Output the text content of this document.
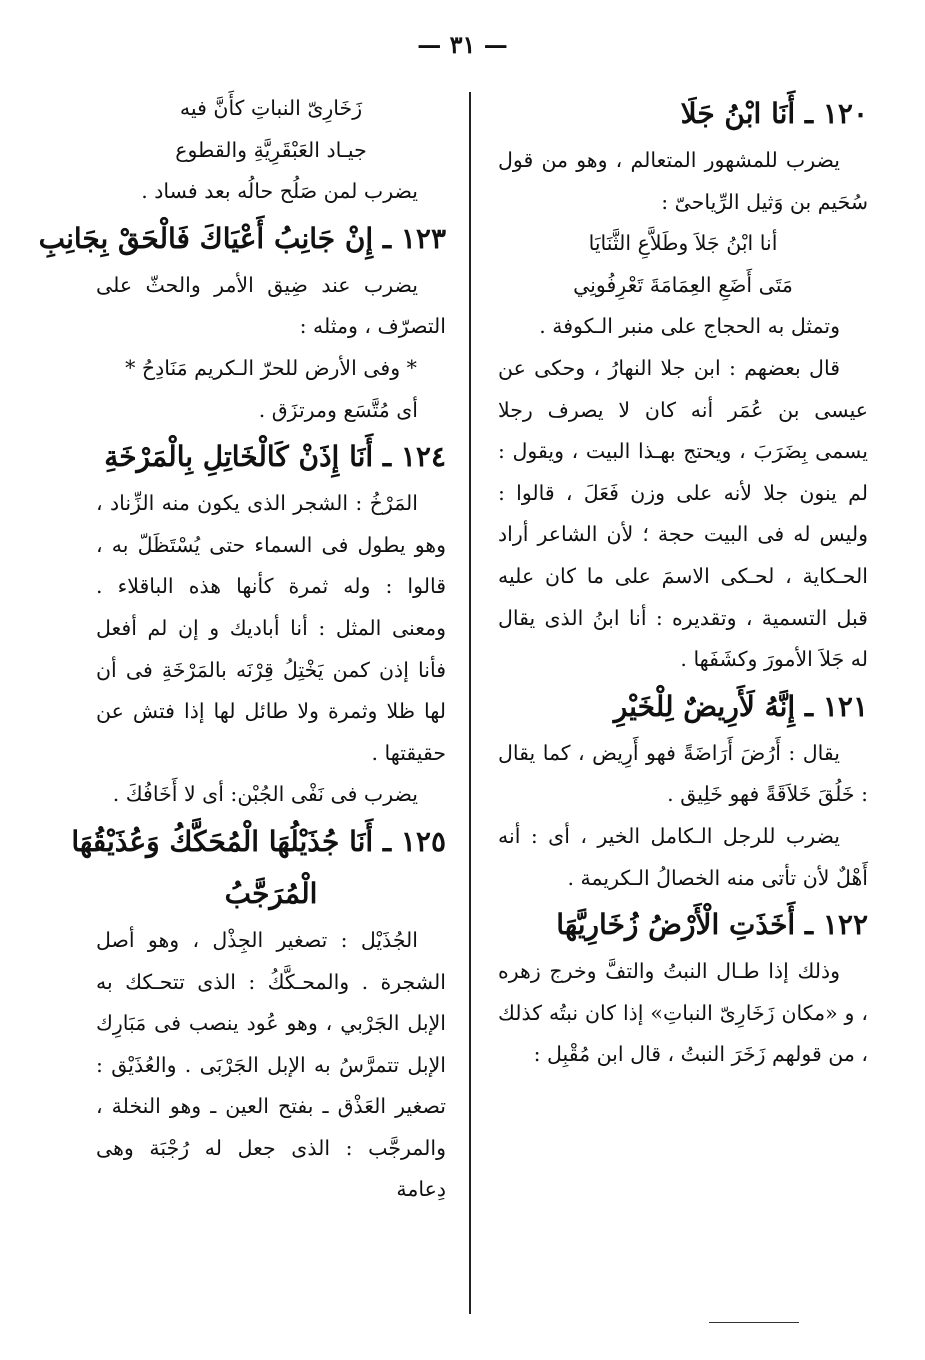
— ٣١ —

١٢٠ ـ أَنَا ابْنُ جَلَا

يضرب للمشهور المتعالم ، وهو من قول سُحَيم بن وَثيل الرِّياحىّ :

أنا ابْنُ جَلاَ وطَلاَّعِ الثَّنَايَا

مَتَى أَضَعِ العِمَامَةَ تَعْرِفُونِي

وتمثل به الحجاج على منبر الـكوفة .

قال بعضهم : ابن جلا النهارُ ، وحكى عن عيسى بن عُمَر أنه كان لا يصرف رجلا يسمى بِضَرَبَ ، ويحتج بهـذا البيت ، ويقول : لم ينون جلا لأنه على وزن فَعَلَ ، قالوا : وليس له فى البيت حجة ؛ لأن الشاعر أراد الحـكاية ، لحـكى الاسمَ على ما كان عليه قبل التسمية ، وتقديره : أنا ابنُ الذى يقال له جَلاَ الأمورَ وكشَفَها .

١٢١ ـ إِنَّهُ لَأَرِيضٌ لِلْخَيْرِ

يقال : أَرُضَ أَرَاضَةً فهو أَرِيض ، كما يقال : خَلُقَ خَلاَقَةً فهو خَلِيق .

يضرب للرجل الـكامل الخير ، أى : أنه أَهْلٌ لأن تأتى منه الخصالُ الـكريمة .

١٢٢ ـ أَخَذَتِ الْأَرْضُ زُخَارِيَّهَا

وذلك إذا طـال النبتُ والتفَّ وخرج زهره ، و «مكان زَخَارِىّ النباتِ» إذا كان نبتُه كذلك ، من قولهم زَخَرَ النبتُ ، قال ابن مُقْبِل :

زَخَارِىّ النباتِ كأَنَّ فيه

جيـاد العَبْقَرِيَّةِ والقطوع

يضرب لمن صَلُح حالُه بعد فساد .

١٢٣ ـ إِنْ جَانِبُ أَعْيَاكَ فَالْحَقْ بِجَانِبِ

يضرب عند ضِيق الأمر والحثّ على التصرّف ، ومثله :

* وفى الأرض للحرّ الـكريم مَنَادِحُ *

أى مُتَّسَع ومرتزَق .

١٢٤ ـ أَنَا إِذَنْ كَالْخَاتِلِ بِالْمَرْخَةِ

المَرْخُ : الشجر الذى يكون منه الزِّناد ، وهو يطول فى السماء حتى يُسْتَظَلّ به ، قالوا : وله ثمرة كأنها هذه الباقلاء . ومعنى المثل : أنا أباديك و إن لم أفعل فأنا إذن كمن يَخْتِلُ قِرْنَه بالمَرْخَةِ فى أن لها ظلا وثمرة ولا طائل لها إذا فتش عن حقيقتها .

يضرب فى نَفْى الجُبْن: أى لا أَخَافُكَ .

١٢٥ ـ أَنَا جُذَيْلُهَا الْمُحَكَّكُ وَعُذَيْقُهَا

الْمُرَجَّبُ

الجُذَيْل : تصغير الجِذْل ، وهو أصل الشجرة . والمحـكَّكُ : الذى تتحـكك به الإبل الجَرْبي ، وهو عُود ينصب فى مَبَارِك الإبل تتمرَّسُ به الإبل الجَرْبَى . والعُذَيْق : تصغير العَذْق ـ بفتح العين ـ وهو النخلة ، والمرجَّب : الذى جعل له رُجْبَة وهى دِعامة
